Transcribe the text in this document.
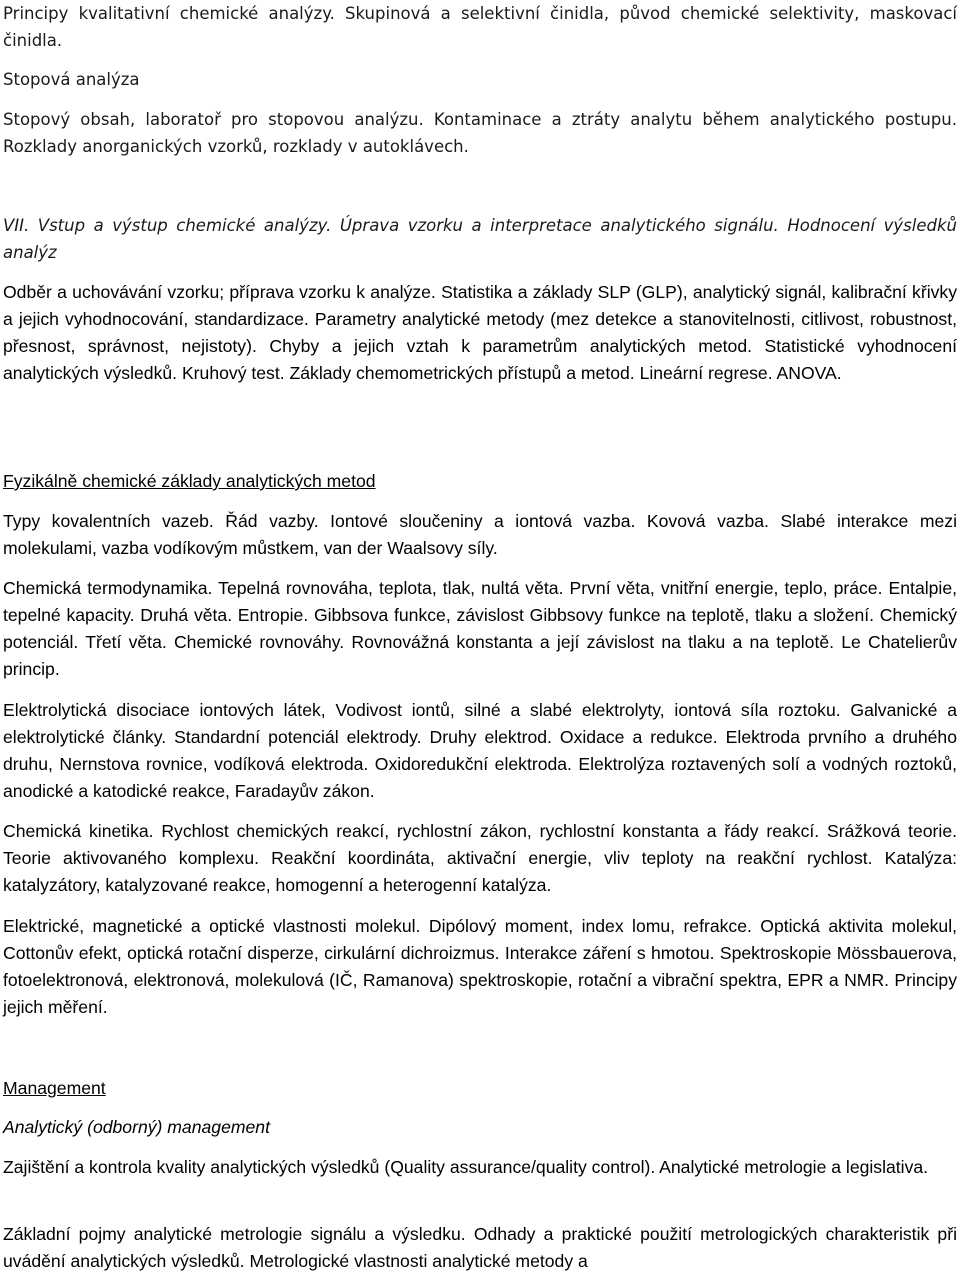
Principy kvalitativní chemické analýzy. Skupinová a selektivní činidla, původ chemické selektivity, maskovací činidla.

Stopová analýza

Stopový obsah, laboratoř pro stopovou analýzu. Kontaminace a ztráty analytu během analytického postupu. Rozklady anorganických vzorků, rozklady v autoklávech.

VII. Vstup a výstup chemické analýzy. Úprava vzorku a interpretace analytického signálu. Hodnocení výsledků analýz

Odběr a uchovávání vzorku; příprava vzorku k analýze. Statistika a základy SLP (GLP), analytický signál, kalibrační křivky a jejich vyhodnocování, standardizace. Parametry analytické metody (mez detekce a stanovitelnosti, citlivost, robustnost, přesnost, správnost, nejistoty). Chyby a jejich vztah k parametrům analytických metod. Statistické vyhodnocení analytických výsledků. Kruhový test. Základy chemometrických přístupů a metod. Lineární regrese. ANOVA.

Fyzikálně chemické základy analytických metod

Typy kovalentních vazeb. Řád vazby. Iontové sloučeniny a iontová vazba. Kovová vazba. Slabé interakce mezi molekulami, vazba vodíkovým můstkem, van der Waalsovy síly.

Chemická termodynamika. Tepelná rovnováha, teplota, tlak, nultá věta. První věta, vnitřní energie, teplo, práce. Entalpie, tepelné kapacity. Druhá věta. Entropie. Gibbsova funkce, závislost Gibbsovy funkce na teplotě, tlaku a složení. Chemický potenciál. Třetí věta. Chemické rovnováhy. Rovnovážná konstanta a její závislost na tlaku a na teplotě. Le Chatelierův princip.

Elektrolytická disociace iontových látek, Vodivost iontů, silné a slabé elektrolyty, iontová síla roztoku. Galvanické a elektrolytické články. Standardní potenciál elektrody. Druhy elektrod. Oxidace a redukce. Elektroda prvního a druhého druhu, Nernstova rovnice, vodíková elektroda. Oxidoredukční elektroda. Elektrolýza roztavených solí a vodných roztoků, anodické a katodické reakce, Faradayův zákon.

Chemická kinetika. Rychlost chemických reakcí, rychlostní zákon, rychlostní konstanta a řády reakcí. Srážková teorie. Teorie aktivovaného komplexu. Reakční koordináta, aktivační energie, vliv teploty na reakční rychlost. Katalýza: katalyzátory, katalyzované reakce, homogenní a heterogenní katalýza.

Elektrické, magnetické a optické vlastnosti molekul. Dipólový moment, index lomu, refrakce. Optická aktivita molekul, Cottonův efekt, optická rotační disperze, cirkulární dichroizmus. Interakce záření s hmotou. Spektroskopie Mössbauerova, fotoelektronová, elektronová, molekulová (IČ, Ramanova) spektroskopie, rotační a vibrační spektra, EPR a NMR. Principy jejich měření.

Management

Analytický (odborný) management

Zajištění a kontrola kvality analytických výsledků (Quality assurance/quality control). Analytické metrologie a legislativa.

Základní pojmy analytické metrologie signálu a výsledku. Odhady a praktické použití metrologických charakteristik při uvádění analytických výsledků. Metrologické vlastnosti analytické metody a
